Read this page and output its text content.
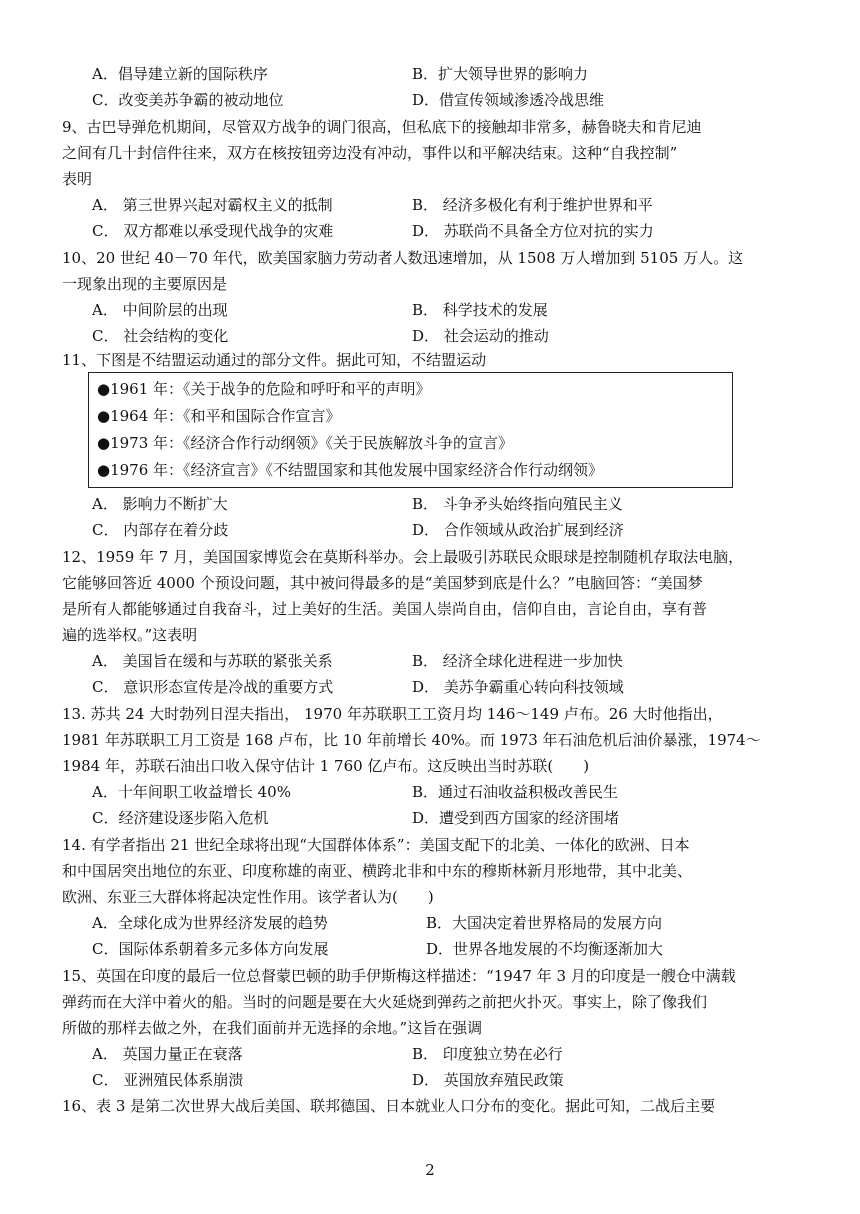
A．倡导建立新的国际秩序	B．扩大领导世界的影响力
C．改变美苏争霸的被动地位	D．借宣传领域渗透冷战思维
9、古巴导弹危机期间，尽管双方战争的调门很高，但私底下的接触却非常多，赫鲁晓夫和肯尼迪
之间有几十封信件往来，双方在核按钮旁边没有冲动，事件以和平解决结束。这种“自我控制”
表明
A． 第三世界兴起对霸权主义的抵制	B． 经济多极化有利于维护世界和平
C． 双方都难以承受现代战争的灾难	D． 苏联尚不具备全方位对抗的实力
10、20 世纪 40－70 年代，欧美国家脑力劳动者人数迅速增加，从 1508 万人增加到 5105 万人。这
一现象出现的主要原因是
A． 中间阶层的出现	B． 科学技术的发展
C． 社会结构的变化	D． 社会运动的推动
11、下图是不结盟运动通过的部分文件。据此可知，不结盟运动
●1961 年：《关于战争的危险和呼吁和平的声明》
●1964 年：《和平和国际合作宣言》
●1973 年：《经济合作行动纲领》《关于民族解放斗争的宣言》
●1976 年：《经济宣言》《不结盟国家和其他发展中国家经济合作行动纲领》
A． 影响力不断扩大	B． 斗争矛头始终指向殖民主义
C． 内部存在着分歧	D． 合作领域从政治扩展到经济
12、1959 年 7 月，美国国家博览会在莫斯科举办。会上最吸引苏联民众眼球是控制随机存取法电脑，
它能够回答近 4000 个预设问题，其中被问得最多的是“美国梦到底是什么？”电脑回答：“美国梦
是所有人都能够通过自我奋斗，过上美好的生活。美国人崇尚自由，信仰自由，言论自由，享有普
遍的选举权。”这表明
A． 美国旨在缓和与苏联的紧张关系	B． 经济全球化进程进一步加快
C． 意识形态宣传是冷战的重要方式	D． 美苏争霸重心转向科技领域
13. 苏共 24 大时勃列日涅夫指出， 1970 年苏联职工工资月均 146～149 卢布。26 大时他指出，
1981 年苏联职工月工资是 168 卢布，比 10 年前增长 40%。而 1973 年石油危机后油价暴涨，1974～
1984 年，苏联石油出口收入保守估计 1 760 亿卢布。这反映出当时苏联(　　)
A．十年间职工收益增长 40%	B．通过石油收益积极改善民生
C．经济建设逐步陷入危机	D．遭受到西方国家的经济围堵
14. 有学者指出 21 世纪全球将出现“大国群体体系”：美国支配下的北美、一体化的欧洲、日本
和中国居突出地位的东亚、印度称雄的南亚、横跨北非和中东的穆斯林新月形地带，其中北美、
欧洲、东亚三大群体将起决定性作用。该学者认为(　　)
A．全球化成为世界经济发展的趋势	B．大国决定着世界格局的发展方向
C．国际体系朝着多元多体方向发展	D．世界各地发展的不均衡逐渐加大
15、英国在印度的最后一位总督蒙巴顿的助手伊斯梅这样描述：“1947 年 3 月的印度是一艘仓中满载
弹药而在大洋中着火的船。当时的问题是要在大火延烧到弹药之前把火扑灭。事实上，除了像我们
所做的那样去做之外，在我们面前并无选择的余地。”这旨在强调
A． 英国力量正在衰落	B． 印度独立势在必行
C． 亚洲殖民体系崩溃	D． 英国放弃殖民政策
16、表 3 是第二次世界大战后美国、联邦德国、日本就业人口分布的变化。据此可知，二战后主要
2
